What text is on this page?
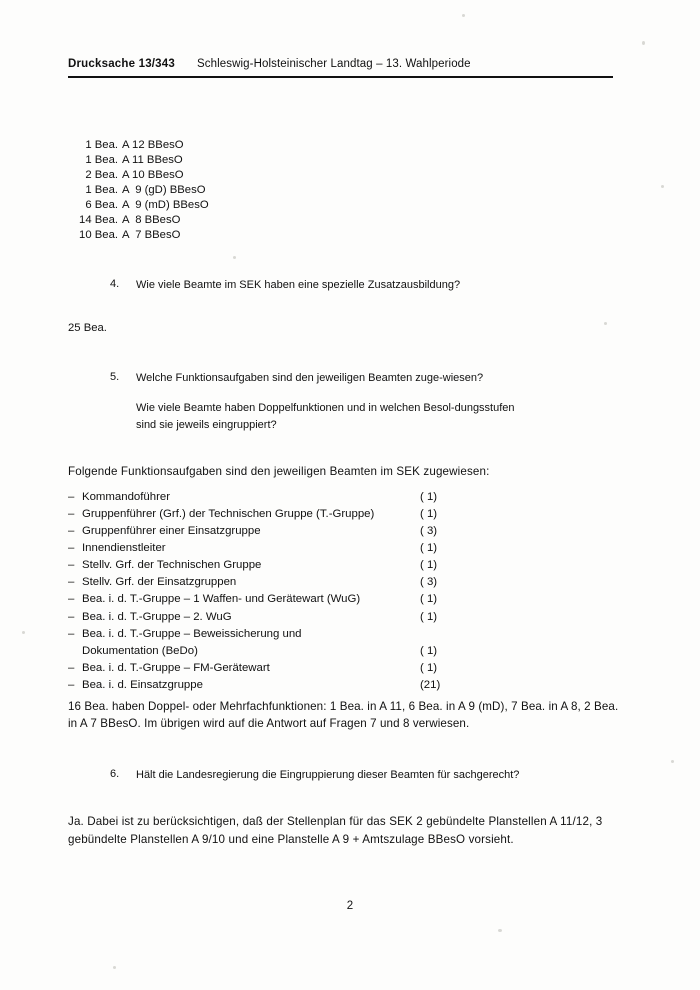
Drucksache 13/343 Schleswig-Holsteinischer Landtag – 13. Wahlperiode
1 Bea. A 12 BBesO
1 Bea. A 11 BBesO
2 Bea. A 10 BBesO
1 Bea. A  9 (gD) BBesO
6 Bea. A  9 (mD) BBesO
14 Bea. A  8 BBesO
10 Bea. A  7 BBesO
4.	Wie viele Beamte im SEK haben eine spezielle Zusatzausbildung?
25 Bea.
5.	Welche Funktionsaufgaben sind den jeweiligen Beamten zuge-wiesen?
Wie viele Beamte haben Doppelfunktionen und in welchen Besol-dungsstufen sind sie jeweils eingruppiert?
Folgende Funktionsaufgaben sind den jeweiligen Beamten im SEK zugewiesen:
– Kommandoführer	( 1)
– Gruppenführer (Grf.) der Technischen Gruppe (T.-Gruppe)	( 1)
– Gruppenführer einer Einsatzgruppe	( 3)
– Innendienstleiter	( 1)
– Stellv. Grf. der Technischen Gruppe	( 1)
– Stellv. Grf. der Einsatzgruppen	( 3)
– Bea. i. d. T.-Gruppe – 1 Waffen- und Gerätewart (WuG)	( 1)
– Bea. i. d. T.-Gruppe – 2. WuG	( 1)
– Bea. i. d. T.-Gruppe – Beweissicherung und
Dokumentation (BeDo)	( 1)
– Bea. i. d. T.-Gruppe – FM-Gerätewart	( 1)
– Bea. i. d. Einsatzgruppe	(21)
16 Bea. haben Doppel- oder Mehrfachfunktionen: 1 Bea. in A 11, 6 Bea. in A 9 (mD), 7 Bea. in A 8, 2 Bea. in A 7 BBesO. Im übrigen wird auf die Antwort auf Fragen 7 und 8 verwiesen.
6.	Hält die Landesregierung die Eingruppierung dieser Beamten für sachgerecht?
Ja. Dabei ist zu berücksichtigen, daß der Stellenplan für das SEK 2 gebündelte Planstellen A 11/12, 3 gebündelte Planstellen A 9/10 und eine Planstelle A 9 + Amtszulage BBesO vorsieht.
2
